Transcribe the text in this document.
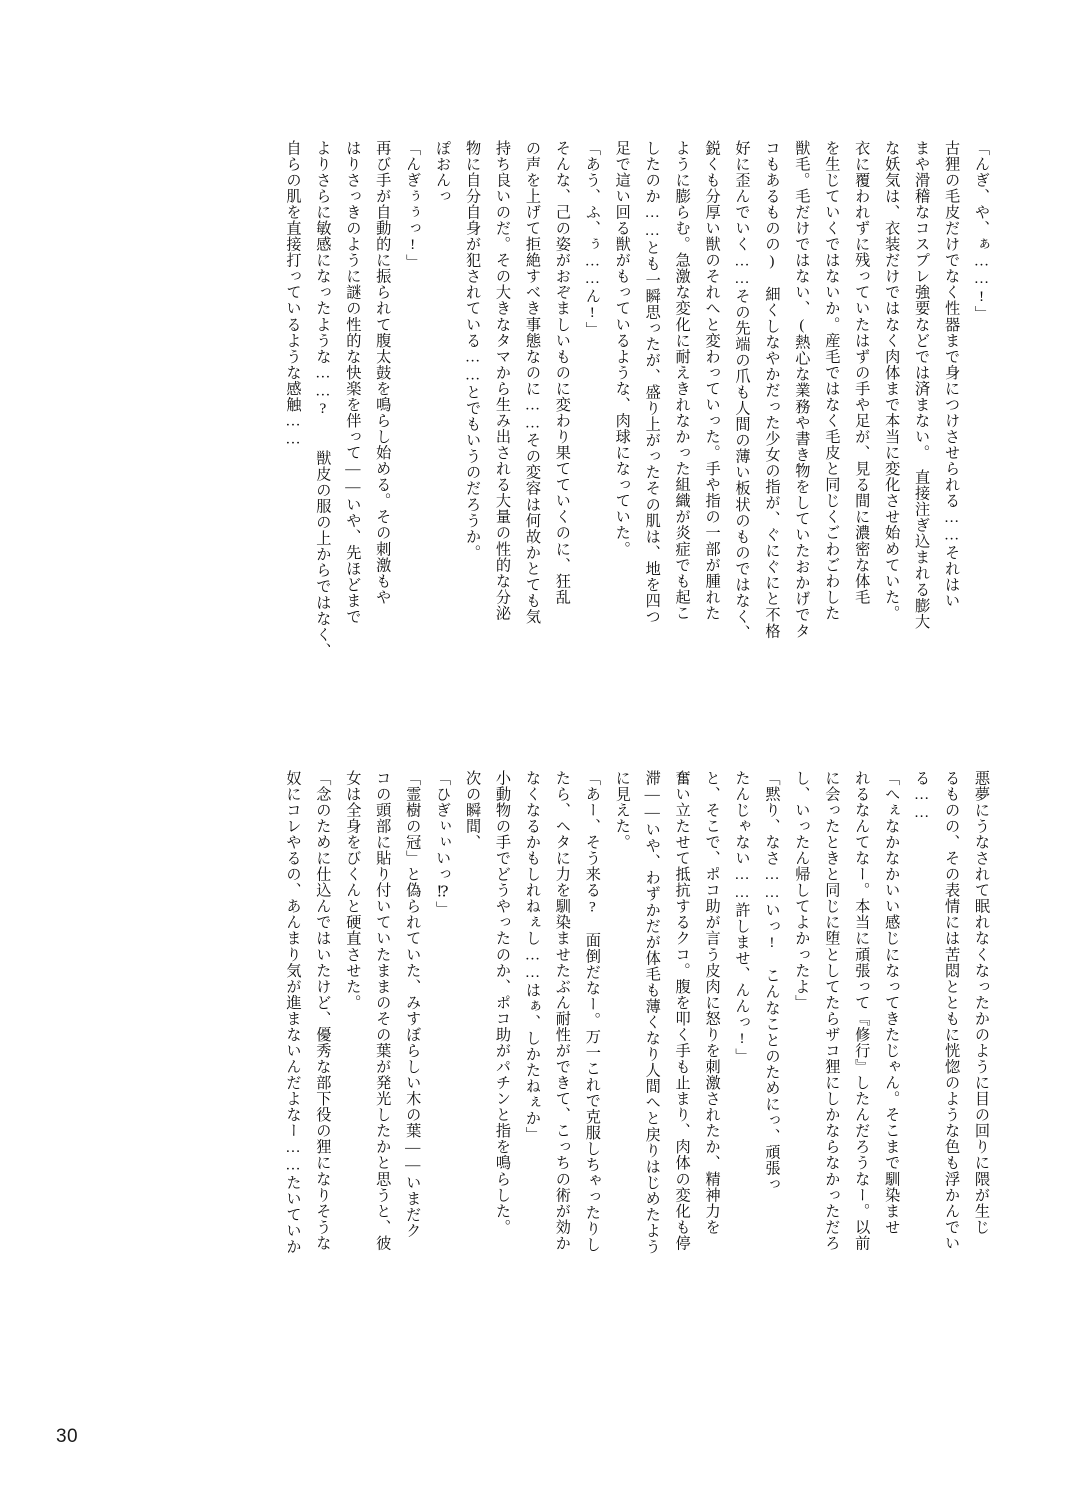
「んぎ、や、ぁ……!」
古狸の毛皮だけでなく性器まで身につけさせられる……それはい
まや滑稽なコスプレ強要などでは済まない。　直接注ぎ込まれる膨大
な妖気は、衣装だけではなく肉体まで本当に変化させ始めていた。
衣に覆われずに残っていたはずの手や足が、見る間に濃密な体毛
を生じていくではないか。産毛ではなく毛皮と同じくごわごわした
獣毛。毛だけではない、(熱心な業務や書き物をしていたおかげでタ
コもあるものの)　細くしなやかだった少女の指が、ぐにぐにと不格
好に歪んでいく……その先端の爪も人間の薄い板状のものではなく、
鋭くも分厚い獣のそれへと変わっていった。手や指の一部が腫れた
ように膨らむ。急激な変化に耐えきれなかった組織が炎症でも起こ
したのか……とも一瞬思ったが、盛り上がったその肌は、地を四つ
足で這い回る獣がもっているような、肉球になっていた。
「あう、ふ、ぅ……ん!」
そんな、己の姿がおぞましいものに変わり果てていくのに、狂乱
の声を上げて拒絶すべき事態なのに……その変容は何故かとても気
持ち良いのだ。その大きなタマから生み出される大量の性的な分泌
物に自分自身が犯されている……とでもいうのだろうか。
ぽおんっ
「んぎぅぅっ!」
再び手が自動的に振られて腹太鼓を鳴らし始める。その刺激もや
はりさっきのように謎の性的な快楽を伴って——いや、先ほどまで
よりさらに敏感になったような……?　　獣皮の服の上からではなく、
自らの肌を直接打っているような感触……
悪夢にうなされて眠れなくなったかのように目の回りに隈が生じ
るものの、その表情には苦悶とともに恍惚のような色も浮かんでい
る……
「へぇなかなかいい感じになってきたじゃん。そこまで馴染ませ
れるなんてなー。本当に頑張って『修行』したんだろうなー。以前
に会ったときと同じに堕としてたらザコ狸にしかならなかっただろ
し、いったん帰してよかったよ」
「黙り、なさ……いっ!　こんなことのためにっ、頑張っ
たんじゃない……許しませ、んんっ!」
と、そこで、ポコ助が言う皮肉に怒りを刺激されたか、精神力を
奮い立たせて抵抗するクコ。腹を叩く手も止まり、肉体の変化も停
滞——いや、わずかだが体毛も薄くなり人間へと戻りはじめたよう
に見えた。
「あー、そう来る?　面倒だなー。万一これで克服しちゃったりし
たら、ヘタに力を馴染ませたぶん耐性ができて、こっちの術が効か
なくなるかもしれねぇし……はぁ、しかたねぇか」
小動物の手でどうやったのか、ポコ助がパチンと指を鳴らした。
次の瞬間、
「ひぎぃぃいっ⁉」
「霊樹の冠」と偽られていた、みすぼらしい木の葉——いまだク
コの頭部に貼り付いていたままのその葉が発光したかと思うと、彼
女は全身をびくんと硬直させた。
「念のために仕込んではいたけど、優秀な部下役の狸になりそうな
奴にコレやるの、あんまり気が進まないんだよなー……たいていか
30
